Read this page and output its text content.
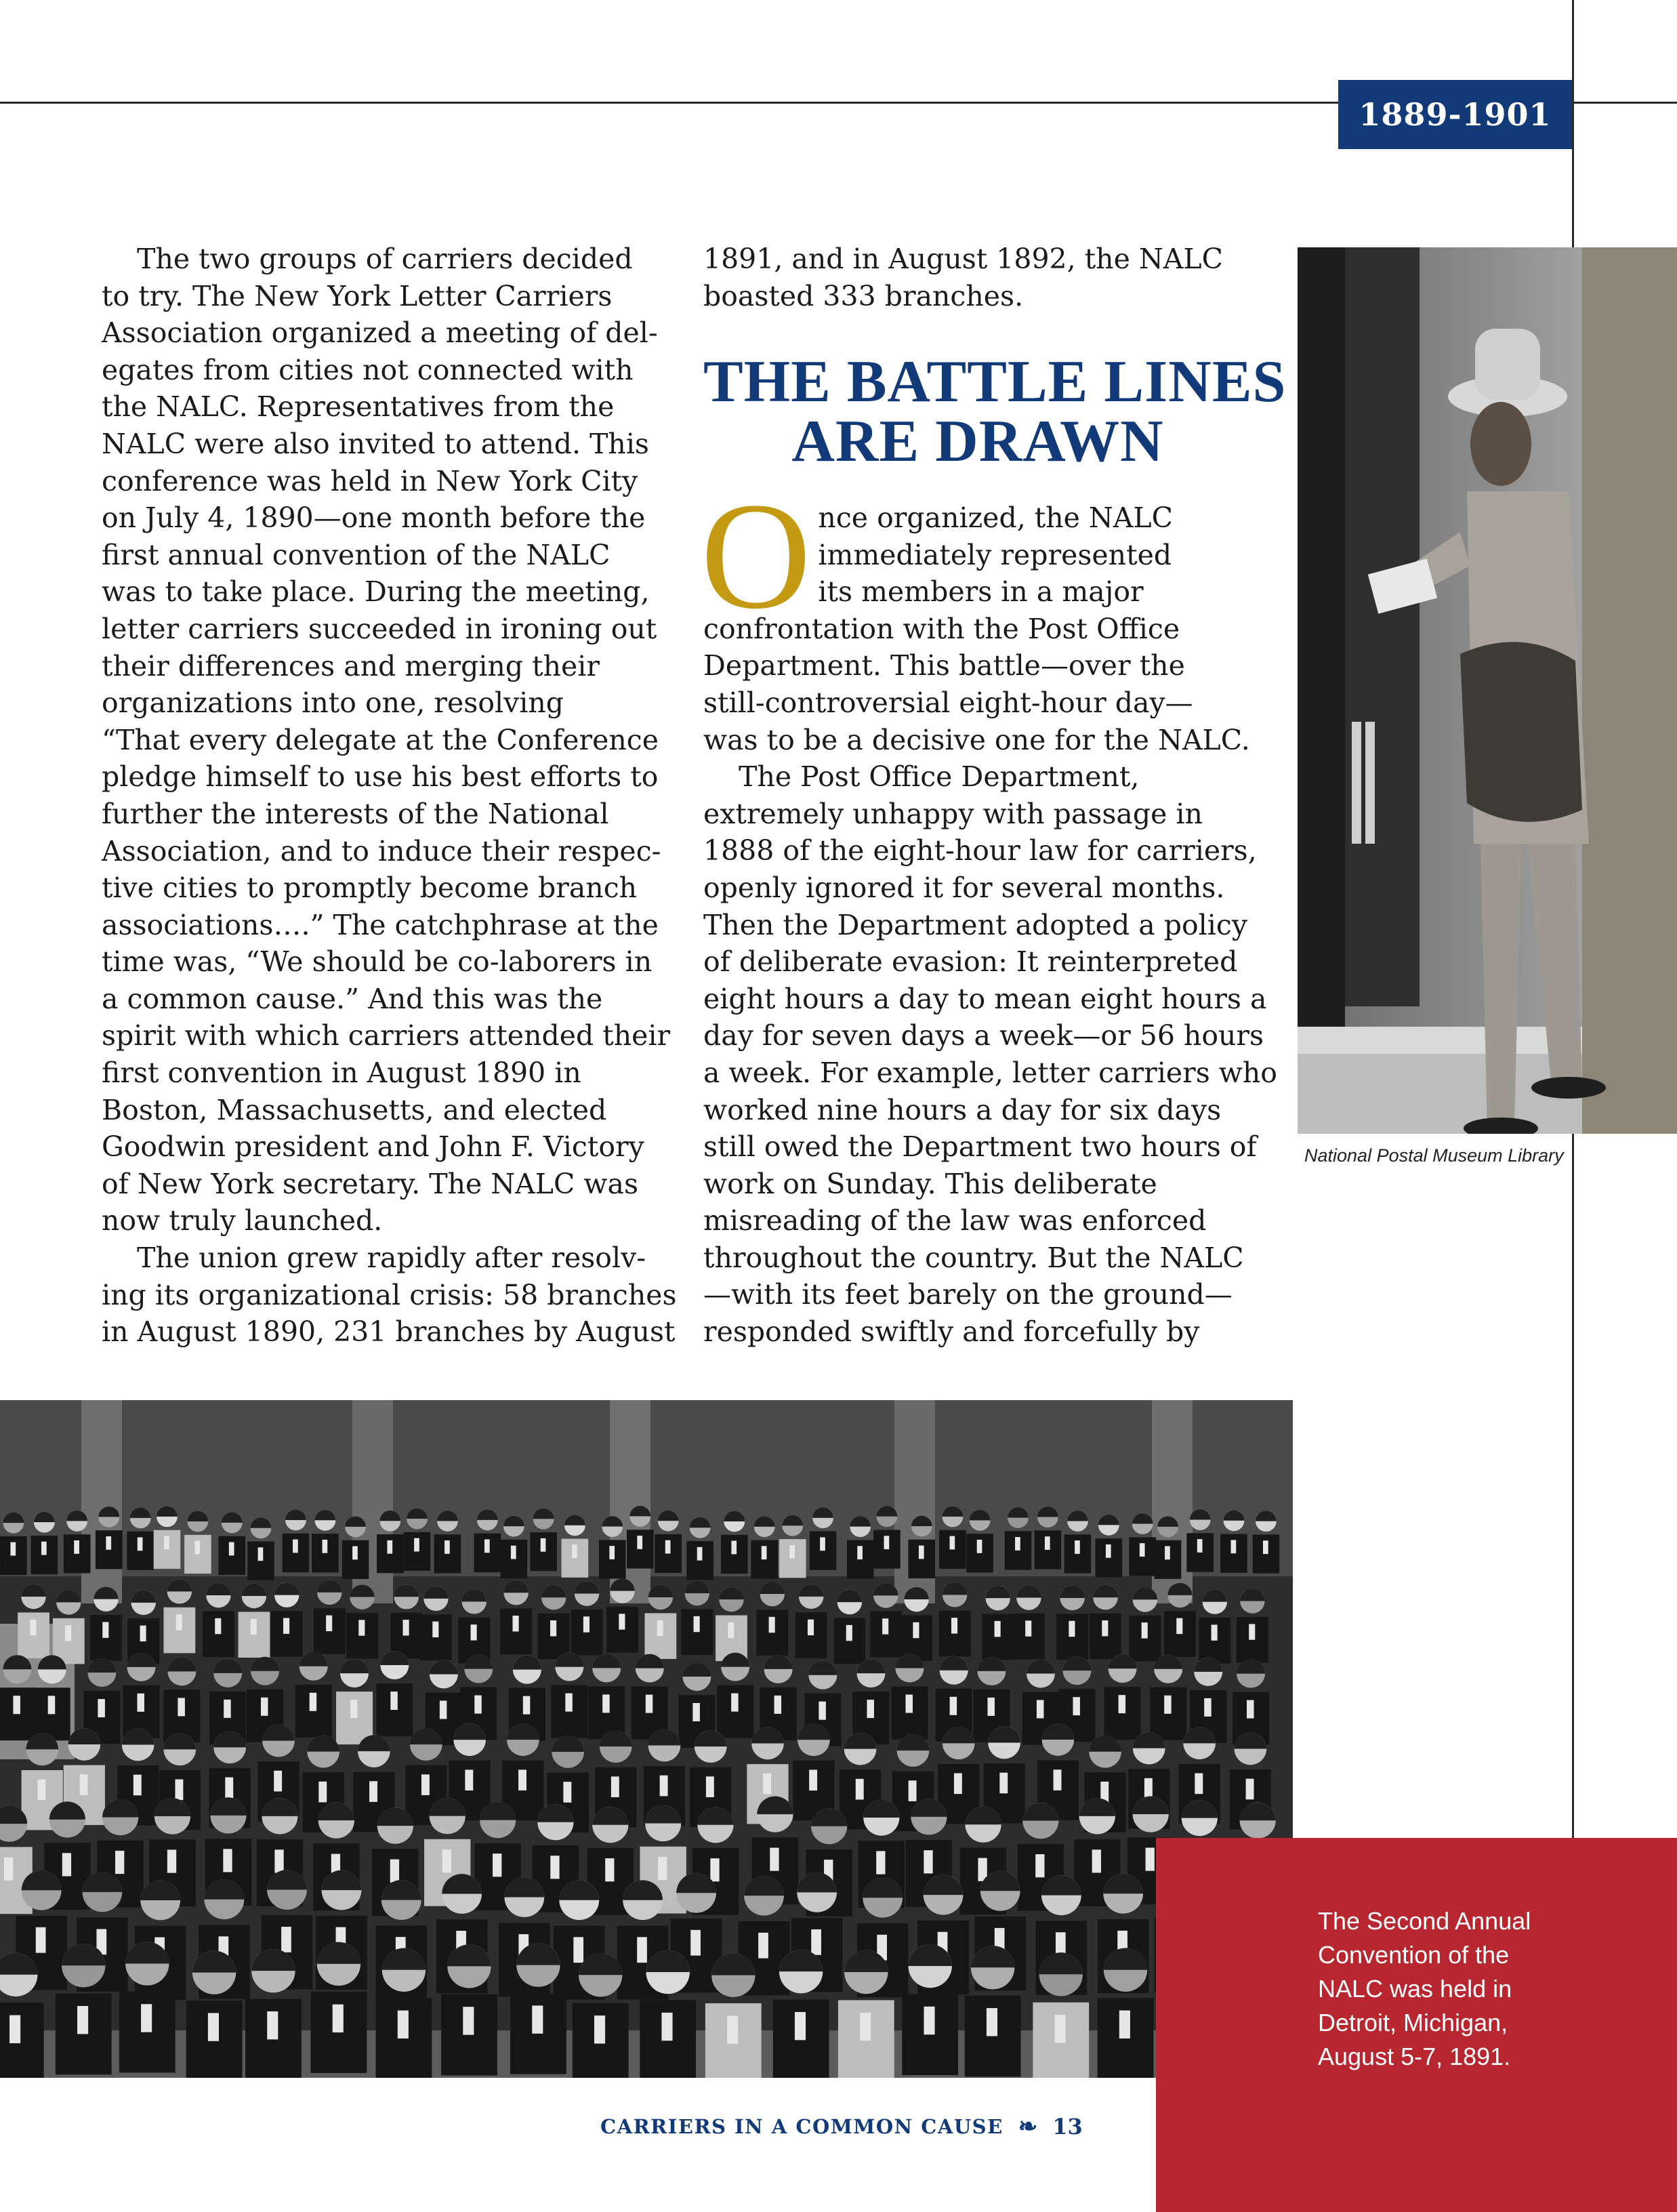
1889-1901

The two groups of carriers decided

to try. The New York Letter Carriers

Association organized a meeting of del-

egates from cities not connected with

the NALC. Representatives from the

NALC were also invited to attend. This

conference was held in New York City

on July 4, 1890—one month before the

first annual convention of the NALC

was to take place. During the meeting,

letter carriers succeeded in ironing out

their differences and merging their

organizations into one, resolving

“That every delegate at the Conference

pledge himself to use his best efforts to

further the interests of the National

Association, and to induce their respec-

tive cities to promptly become branch

associations….” The catchphrase at the

time was, “We should be co-laborers in

a common cause.” And this was the

spirit with which carriers attended their

first convention in August 1890 in

Boston, Massachusetts, and elected

Goodwin president and John F. Victory

of New York secretary. The NALC was

now truly launched.

The union grew rapidly after resolv-

ing its organizational crisis: 58 branches

in August 1890, 231 branches by August

1891, and in August 1892, the NALC

boasted 333 branches.

THE BATTLE LINES
ARE DRAWN
O

nce organized, the NALC

immediately represented

its members in a major

confrontation with the Post Office

Department. This battle—over the

still-controversial eight-hour day—

was to be a decisive one for the NALC.

The Post Office Department,

extremely unhappy with passage in

1888 of the eight-hour law for carriers,

openly ignored it for several months.

Then the Department adopted a policy

of deliberate evasion: It reinterpreted

eight hours a day to mean eight hours a

day for seven days a week—or 56 hours

a week. For example, letter carriers who

worked nine hours a day for six days

still owed the Department two hours of

work on Sunday. This deliberate

misreading of the law was enforced

throughout the country. But the NALC

—with its feet barely on the ground—

responded swiftly and forcefully by

National Postal Museum Library
The Second Annual
Convention of the
NALC was held in
Detroit, Michigan,
August 5-7, 1891.
CARRIERS IN A COMMON CAUSE ❧ 13
